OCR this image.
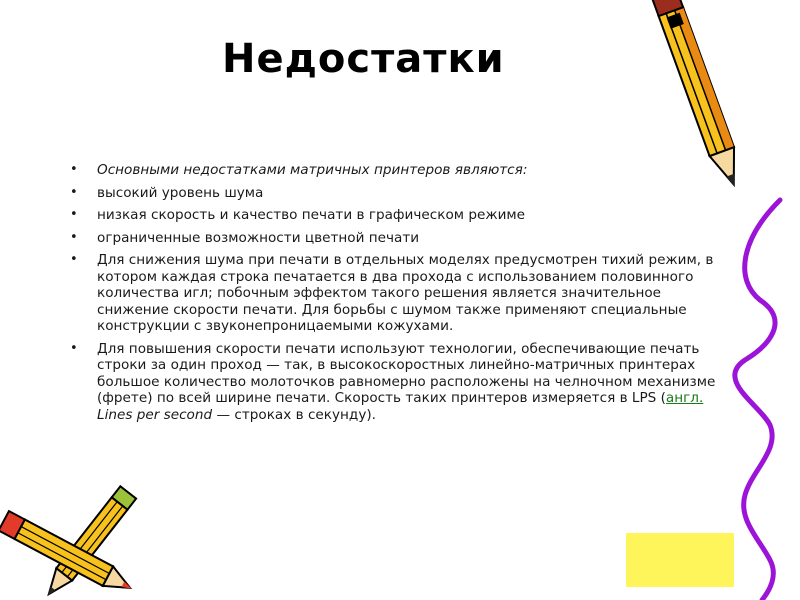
Недостатки
• Основными недостатками матричных принтеров являются:
• высокий уровень шума
• низкая скорость и качество печати в графическом режиме
• ограниченные возможности цветной печати
• Для снижения шума при печати в отдельных моделях предусмотрен тихий режим, в котором каждая строка печатается в два прохода с использованием половинного количества игл; побочным эффектом такого решения является значительное снижение скорости печати. Для борьбы с шумом также применяют специальные конструкции с звуконепроницаемыми кожухами.
• Для повышения скорости печати используют технологии, обеспечивающие печать строки за один проход — так, в высокоскоростных линейно-матричных принтерах большое количество молоточков равномерно расположены на челночном механизме (фрете) по всей ширине печати. Скорость таких принтеров измеряется в LPS (англ. Lines per second — строках в секунду).
